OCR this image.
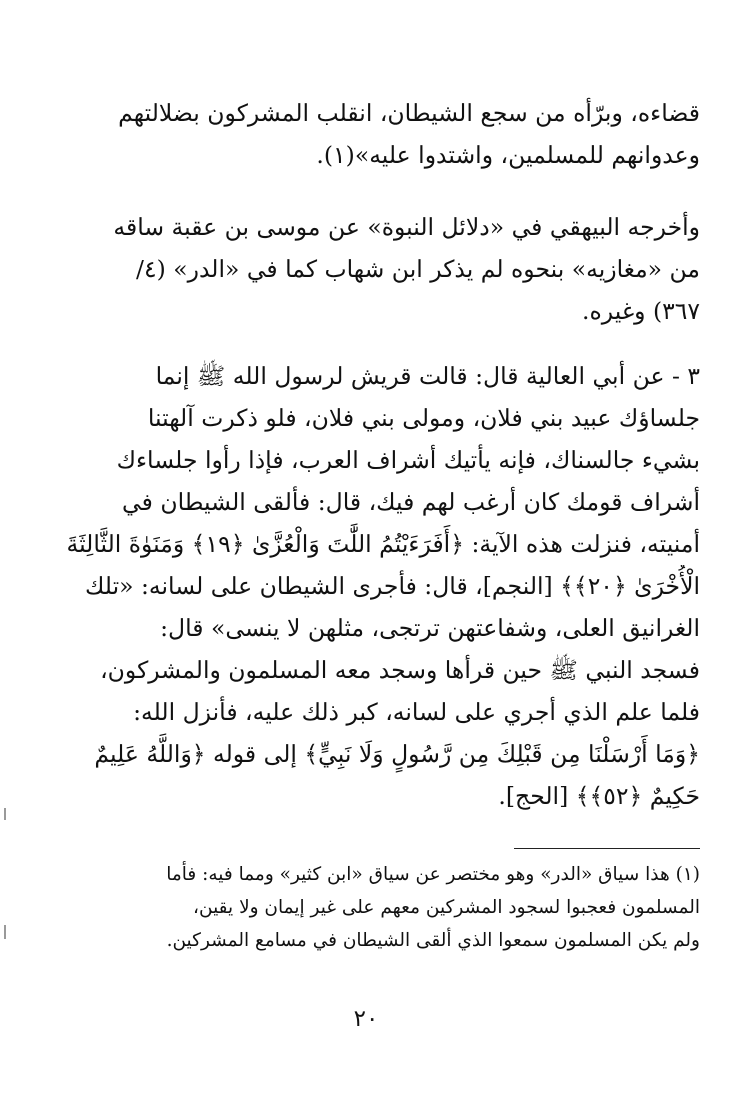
قضاءه، وبرّأه من سجع الشيطان، انقلب المشركون بضلالتهم
وعدوانهم للمسلمين، واشتدوا عليه»(١).
وأخرجه البيهقي في «دلائل النبوة» عن موسى بن عقبة ساقه
من «مغازيه» بنحوه لم يذكر ابن شهاب كما في «الدر» (٤/
٣٦٧) وغيره.
٣ - عن أبي العالية قال: قالت قريش لرسول الله ﷺ إنما
جلساؤك عبيد بني فلان، ومولى بني فلان، فلو ذكرت آلهتنا
بشيء جالسناك، فإنه يأتيك أشراف العرب، فإذا رأوا جلساءك
أشراف قومك كان أرغب لهم فيك، قال: فألقى الشيطان في
أمنيته، فنزلت هذه الآية: ﴿أَفَرَءَيْتُمُ اللَّٰتَ وَالْعُزَّىٰ ﴿١٩﴾ وَمَنَوٰةَ الثَّالِثَةَ
الْأُخْرَىٰ ﴿٢٠﴾﴾ [النجم]، قال: فأجرى الشيطان على لسانه: «تلك
الغرانيق العلى، وشفاعتهن ترتجى، مثلهن لا ينسى» قال:
فسجد النبي ﷺ حين قرأها وسجد معه المسلمون والمشركون،
فلما علم الذي أجري على لسانه، كبر ذلك عليه، فأنزل الله:
﴿وَمَا أَرْسَلْنَا مِن قَبْلِكَ مِن رَّسُولٍ وَلَا نَبِيٍّ﴾ إلى قوله ﴿وَاللَّهُ عَلِيمٌ
حَكِيمٌ ﴿٥٢﴾﴾ [الحج].
(١) هذا سياق «الدر» وهو مختصر عن سياق «ابن كثير» ومما فيه: فأما
المسلمون فعجبوا لسجود المشركين معهم على غير إيمان ولا يقين،
ولم يكن المسلمون سمعوا الذي ألقى الشيطان في مسامع المشركين.
٢٠
